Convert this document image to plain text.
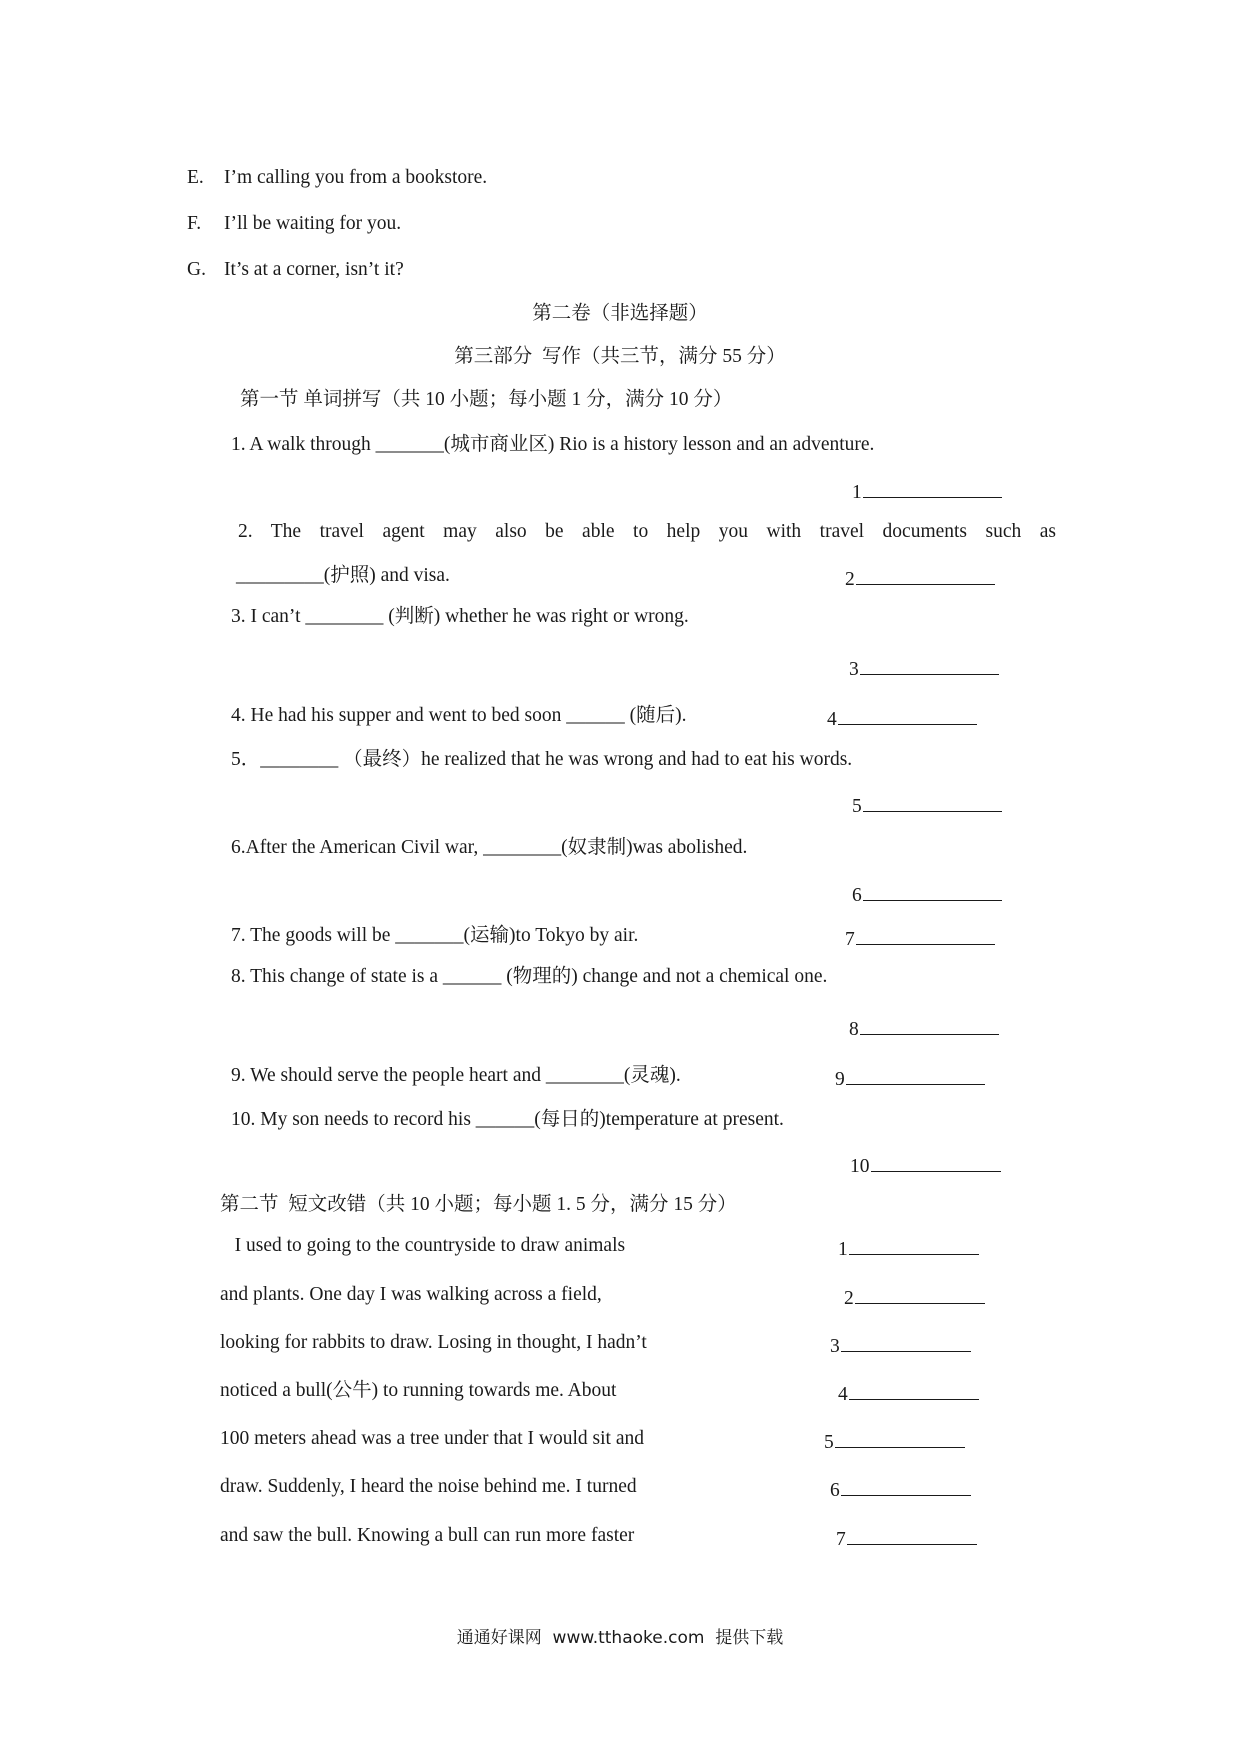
E. I’m calling you from a bookstore.
F. I’ll be waiting for you.
G. It’s at a corner, isn’t it?
第二卷（非选择题）
第三部分  写作（共三节，满分 55 分）
第一节 单词拼写（共 10 小题；每小题 1 分，满分 10 分）
1. A walk through _______(城市商业区) Rio is a history lesson and an adventure.
1
2. The travel agent may also be able to help you with travel documents such as
_________(护照) and visa.	2
3. I can’t ________ (判断) whether he was right or wrong.
3
4. He had his supper and went to bed soon ______ (随后).	4
5．________ （最终）he realized that he was wrong and had to eat his words.
5
6.After the American Civil war, ________(奴隶制)was abolished.
6
7. The goods will be _______(运输)to Tokyo by air.	7
8. This change of state is a ______ (物理的) change and not a chemical one.
8
9. We should serve the people heart and ________(灵魂).	9
10. My son needs to record his ______(每日的)temperature at present.
10
第二节  短文改错（共 10 小题；每小题 1. 5 分，满分 15 分）
I used to going to the countryside to draw animals	1
and plants. One day I was walking across a field,	2
looking for rabbits to draw. Losing in thought, I hadn’t	3
noticed a bull(公牛) to running towards me. About	4
100 meters ahead was a tree under that I would sit and	5
draw. Suddenly, I heard the noise behind me. I turned	6
and saw the bull. Knowing a bull can run more faster	7
通通好课网  www.tthaoke.com  提供下载
